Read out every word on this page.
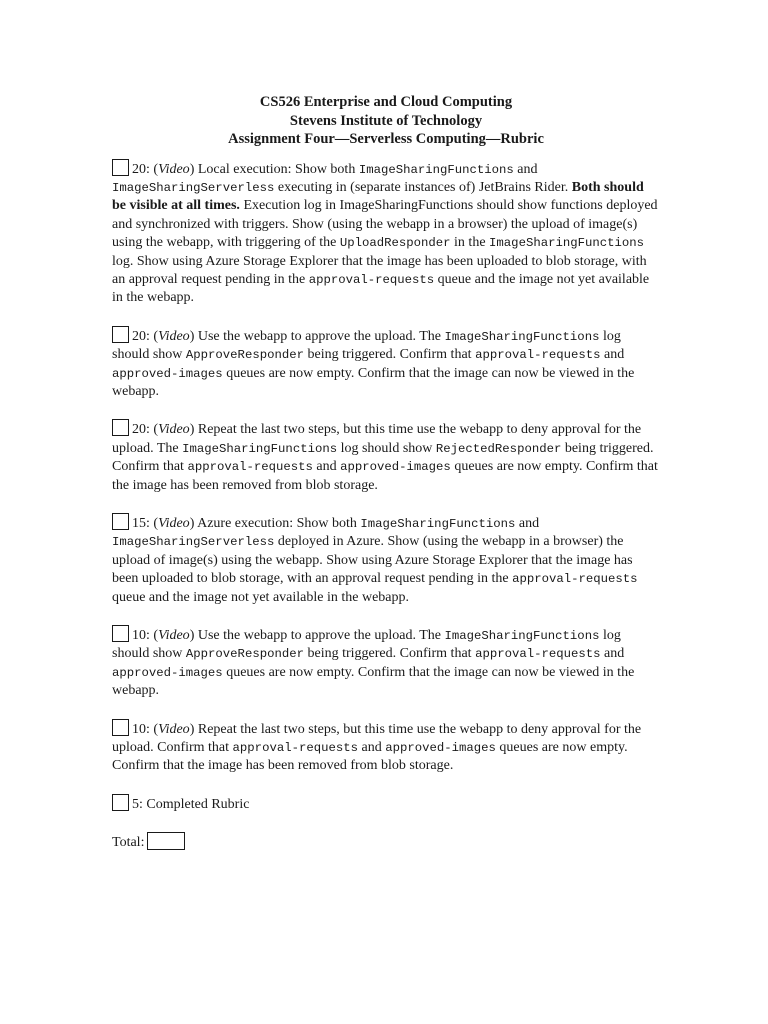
CS526 Enterprise and Cloud Computing
Stevens Institute of Technology
Assignment Four—Serverless Computing—Rubric
20: (Video) Local execution: Show both ImageSharingFunctions and ImageSharingServerless executing in (separate instances of) JetBrains Rider. Both should be visible at all times. Execution log in ImageSharingFunctions should show functions deployed and synchronized with triggers. Show (using the webapp in a browser) the upload of image(s) using the webapp, with triggering of the UploadResponder in the ImageSharingFunctions log. Show using Azure Storage Explorer that the image has been uploaded to blob storage, with an approval request pending in the approval-requests queue and the image not yet available in the webapp.
20: (Video) Use the webapp to approve the upload. The ImageSharingFunctions log should show ApproveResponder being triggered. Confirm that approval-requests and approved-images queues are now empty. Confirm that the image can now be viewed in the webapp.
20: (Video) Repeat the last two steps, but this time use the webapp to deny approval for the upload. The ImageSharingFunctions log should show RejectedResponder being triggered. Confirm that approval-requests and approved-images queues are now empty. Confirm that the image has been removed from blob storage.
15: (Video) Azure execution: Show both ImageSharingFunctions and ImageSharingServerless deployed in Azure. Show (using the webapp in a browser) the upload of image(s) using the webapp. Show using Azure Storage Explorer that the image has been uploaded to blob storage, with an approval request pending in the approval-requests queue and the image not yet available in the webapp.
10: (Video) Use the webapp to approve the upload. The ImageSharingFunctions log should show ApproveResponder being triggered. Confirm that approval-requests and approved-images queues are now empty. Confirm that the image can now be viewed in the webapp.
10: (Video) Repeat the last two steps, but this time use the webapp to deny approval for the upload. Confirm that approval-requests and approved-images queues are now empty. Confirm that the image has been removed from blob storage.
5: Completed Rubric
Total:
